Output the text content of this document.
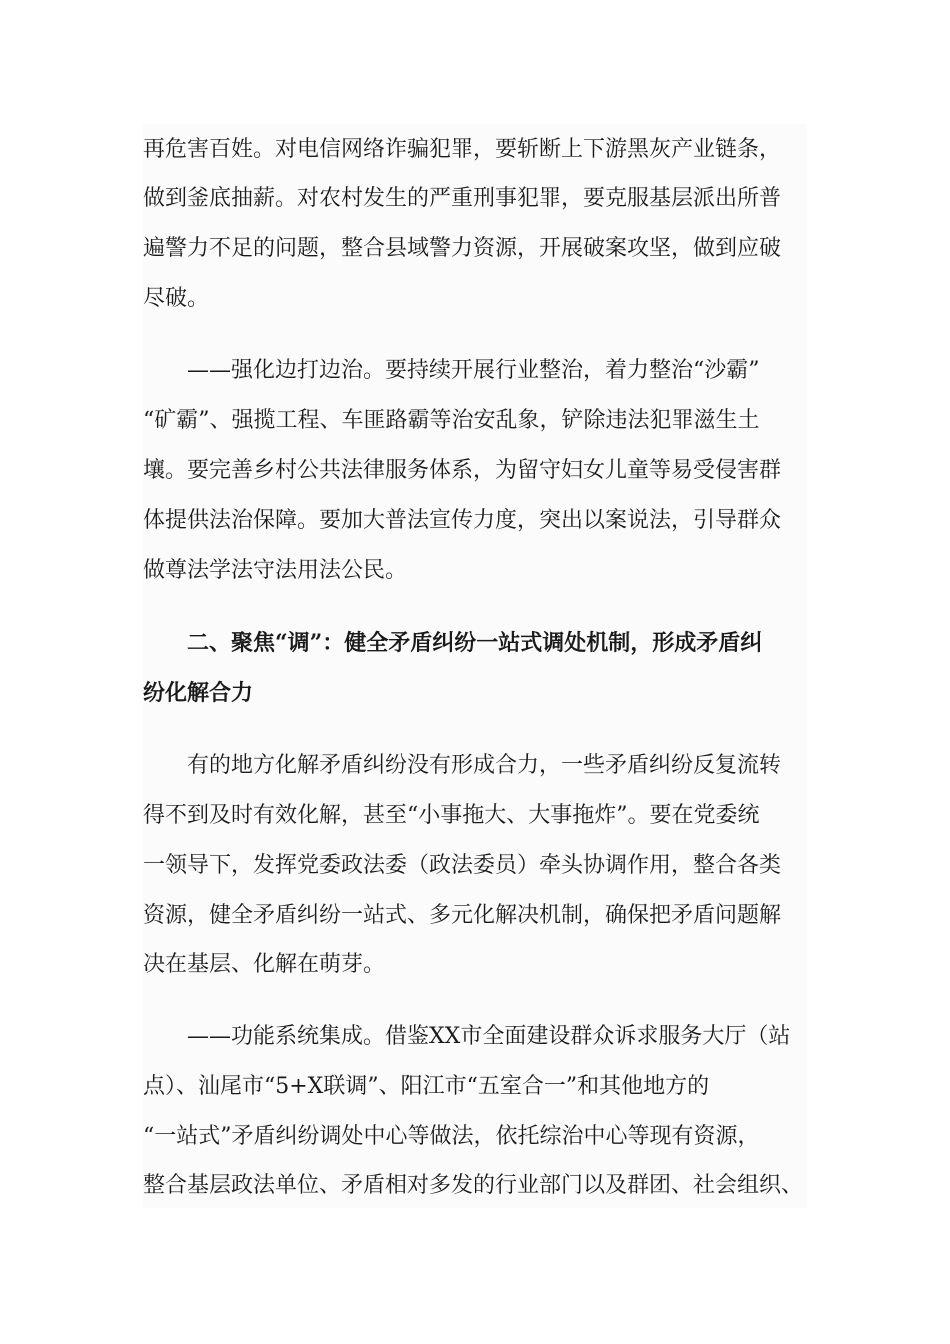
再危害百姓。对电信网络诈骗犯罪，要斩断上下游黑灰产业链条，
做到釜底抽薪。对农村发生的严重刑事犯罪，要克服基层派出所普
遍警力不足的问题，整合县域警力资源，开展破案攻坚，做到应破
尽破。
——强化边打边治。要持续开展行业整治，着力整治“沙霸”
“矿霸”、强揽工程、车匪路霸等治安乱象，铲除违法犯罪滋生土
壤。要完善乡村公共法律服务体系，为留守妇女儿童等易受侵害群
体提供法治保障。要加大普法宣传力度，突出以案说法，引导群众
做尊法学法守法用法公民。
二、聚焦“调”：健全矛盾纠纷一站式调处机制，形成矛盾纠
纷化解合力
有的地方化解矛盾纠纷没有形成合力，一些矛盾纠纷反复流转
得不到及时有效化解，甚至“小事拖大、大事拖炸”。要在党委统
一领导下，发挥党委政法委（政法委员）牵头协调作用，整合各类
资源，健全矛盾纠纷一站式、多元化解决机制，确保把矛盾问题解
决在基层、化解在萌芽。
——功能系统集成。借鉴XX市全面建设群众诉求服务大厅（站
点）、汕尾市“5+X联调”、阳江市“五室合一”和其他地方的
“一站式”矛盾纠纷调处中心等做法，依托综治中心等现有资源，
整合基层政法单位、矛盾相对多发的行业部门以及群团、社会组织、
